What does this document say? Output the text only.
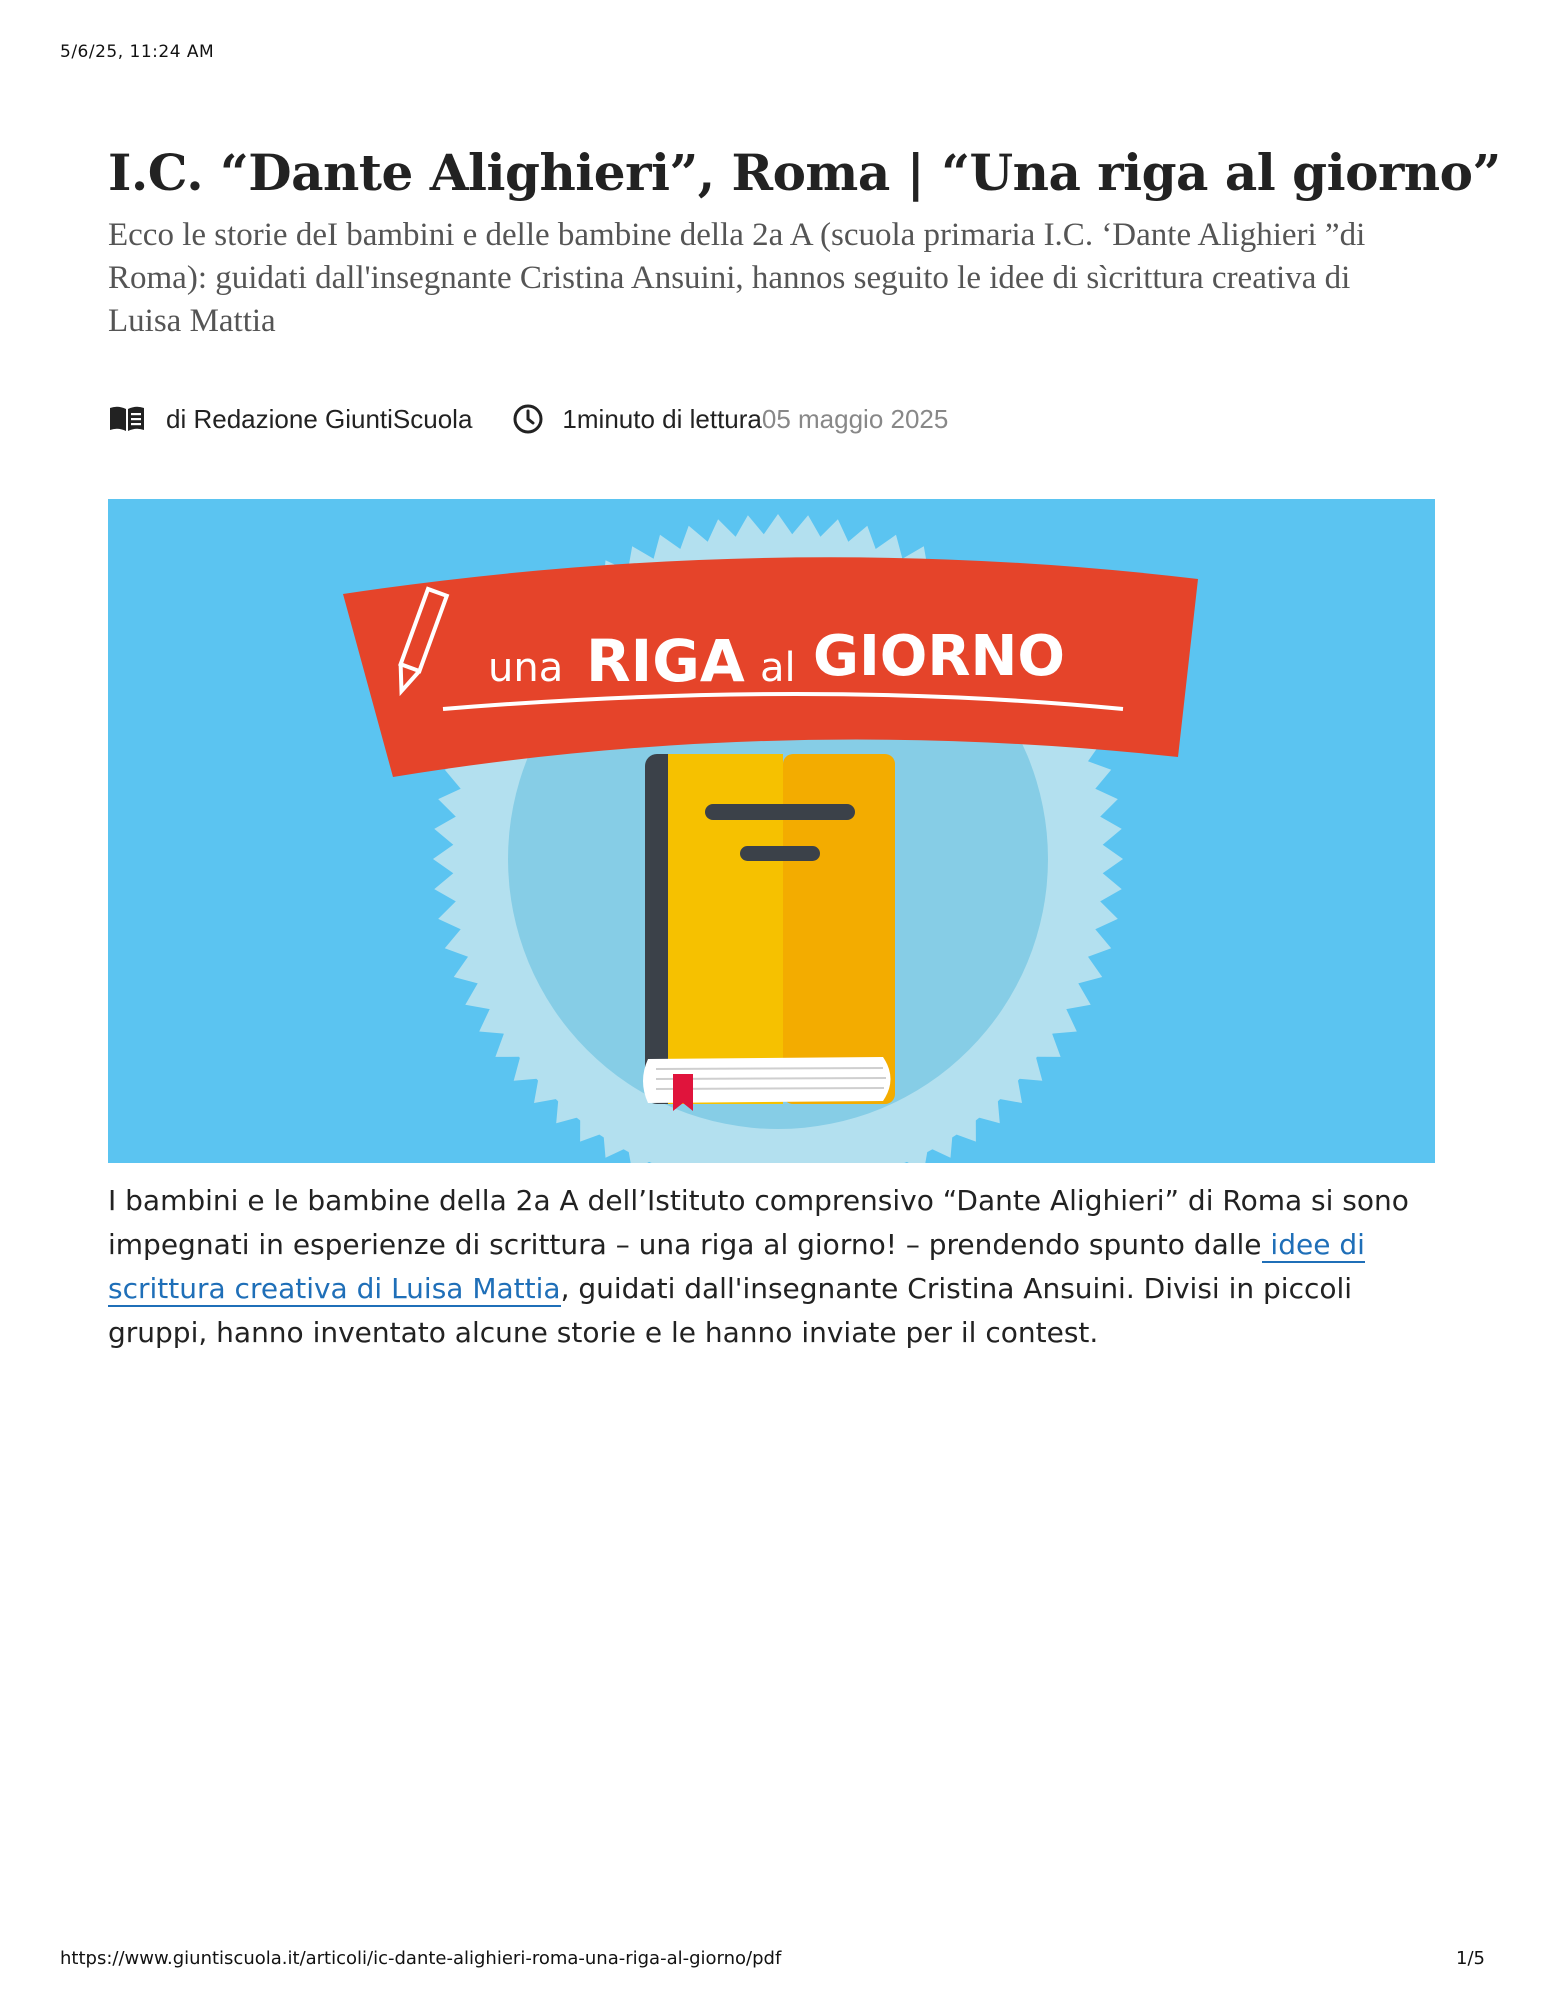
5/6/25, 11:24 AM
I.C. “Dante Alighieri”, Roma | “Una riga al giorno”

Ecco le storie deI bambini e delle bambine della 2a A (scuola primaria I.C. ‘Dante Alighieri ”di Roma): guidati dall'insegnante Cristina Ansuini, hannos seguito le idee di sìcrittura creativa di Luisa Mattia

di Redazione GiuntiScuola	1minuto di lettura 05 maggio 2025
una RIGA al GIORNO

I bambini e le bambine della 2a A dell’Istituto comprensivo “Dante Alighieri” di Roma si sono impegnati in esperienze di scrittura – una riga al giorno! – prendendo spunto dalle idee di scrittura creativa di Luisa Mattia, guidati dall'insegnante Cristina Ansuini. Divisi in piccoli gruppi, hanno inventato alcune storie e le hanno inviate per il contest.

https://www.giuntiscuola.it/articoli/ic-dante-alighieri-roma-una-riga-al-giorno/pdf	1/5
